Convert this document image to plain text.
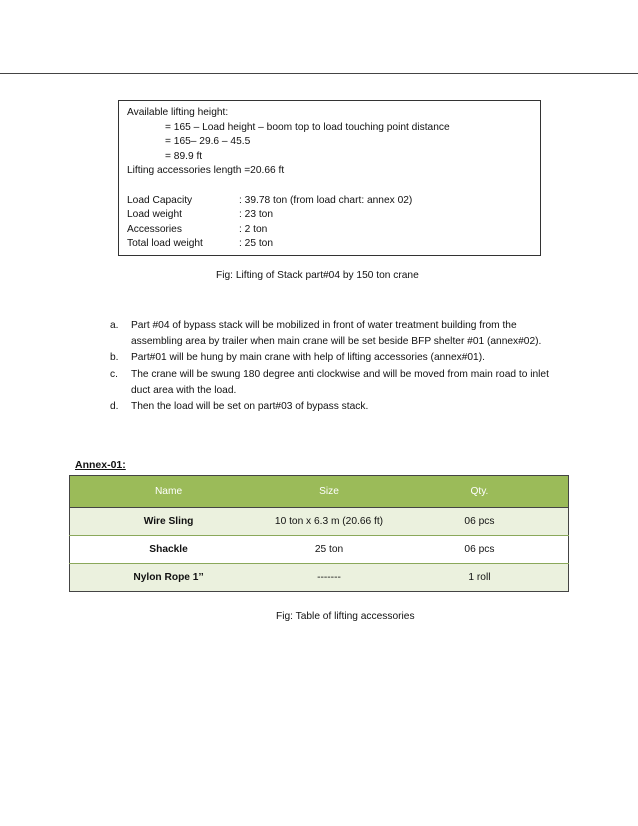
Available lifting height:
= 165 – Load height – boom top to load touching point distance
= 165– 29.6 – 45.5
= 89.9 ft
Lifting accessories length =20.66 ft
Load Capacity	: 39.78 ton (from load chart: annex 02)
Load weight	: 23 ton
Accessories	: 2 ton
Total load weight	: 25 ton
Fig: Lifting of Stack part#04 by 150 ton crane
a. Part #04 of bypass stack will be mobilized in front of water treatment building from the assembling area by trailer when main crane will be set beside BFP shelter #01 (annex#02).
b. Part#01 will be hung by main crane with help of lifting accessories (annex#01).
c. The crane will be swung 180 degree anti clockwise and will be moved from main road to inlet duct area with the load.
d. Then the load will be set on part#03 of bypass stack.
Annex-01:
Name	Size	Qty.
Wire Sling	10 ton x 6.3 m (20.66 ft)	06 pcs
Shackle	25 ton	06 pcs
Nylon Rope 1’’	-------	1 roll
Fig: Table of lifting accessories
